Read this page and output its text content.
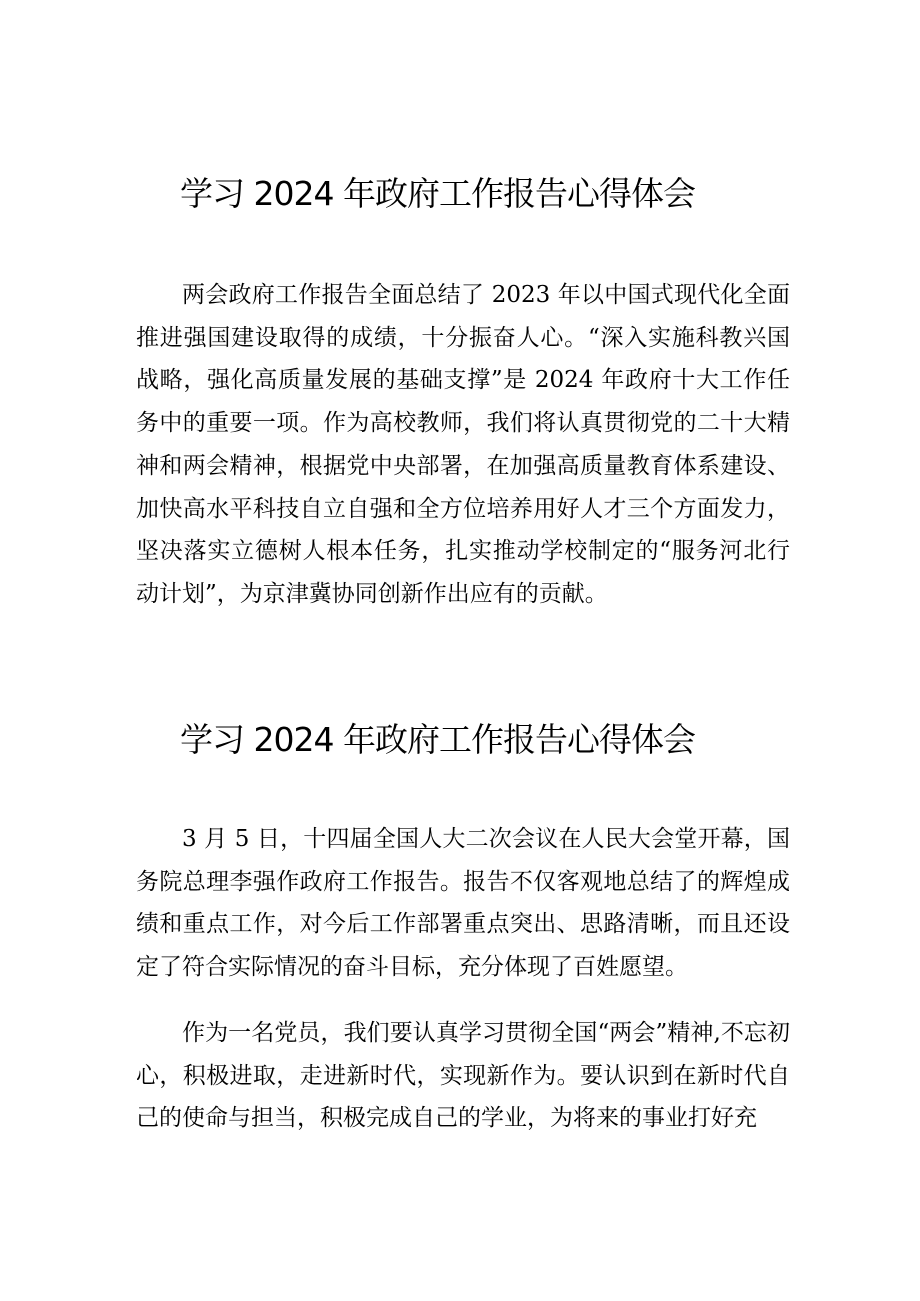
学习 2024 年政府工作报告心得体会

两会政府工作报告全面总结了 2023 年以中国式现代化全面推进强国建设取得的成绩，十分振奋人心。“深入实施科教兴国战略，强化高质量发展的基础支撑”是 2024 年政府十大工作任务中的重要一项。作为高校教师，我们将认真贯彻党的二十大精神和两会精神，根据党中央部署，在加强高质量教育体系建设、加快高水平科技自立自强和全方位培养用好人才三个方面发力，坚决落实立德树人根本任务，扎实推动学校制定的“服务河北行动计划”，为京津冀协同创新作出应有的贡献。

学习 2024 年政府工作报告心得体会

3 月 5 日，十四届全国人大二次会议在人民大会堂开幕，国务院总理李强作政府工作报告。报告不仅客观地总结了的辉煌成绩和重点工作，对今后工作部署重点突出、思路清晰，而且还设定了符合实际情况的奋斗目标，充分体现了百姓愿望。

作为一名党员，我们要认真学习贯彻全国“两会”精神,不忘初心，积极进取，走进新时代，实现新作为。要认识到在新时代自己的使命与担当，积极完成自己的学业，为将来的事业打好充
